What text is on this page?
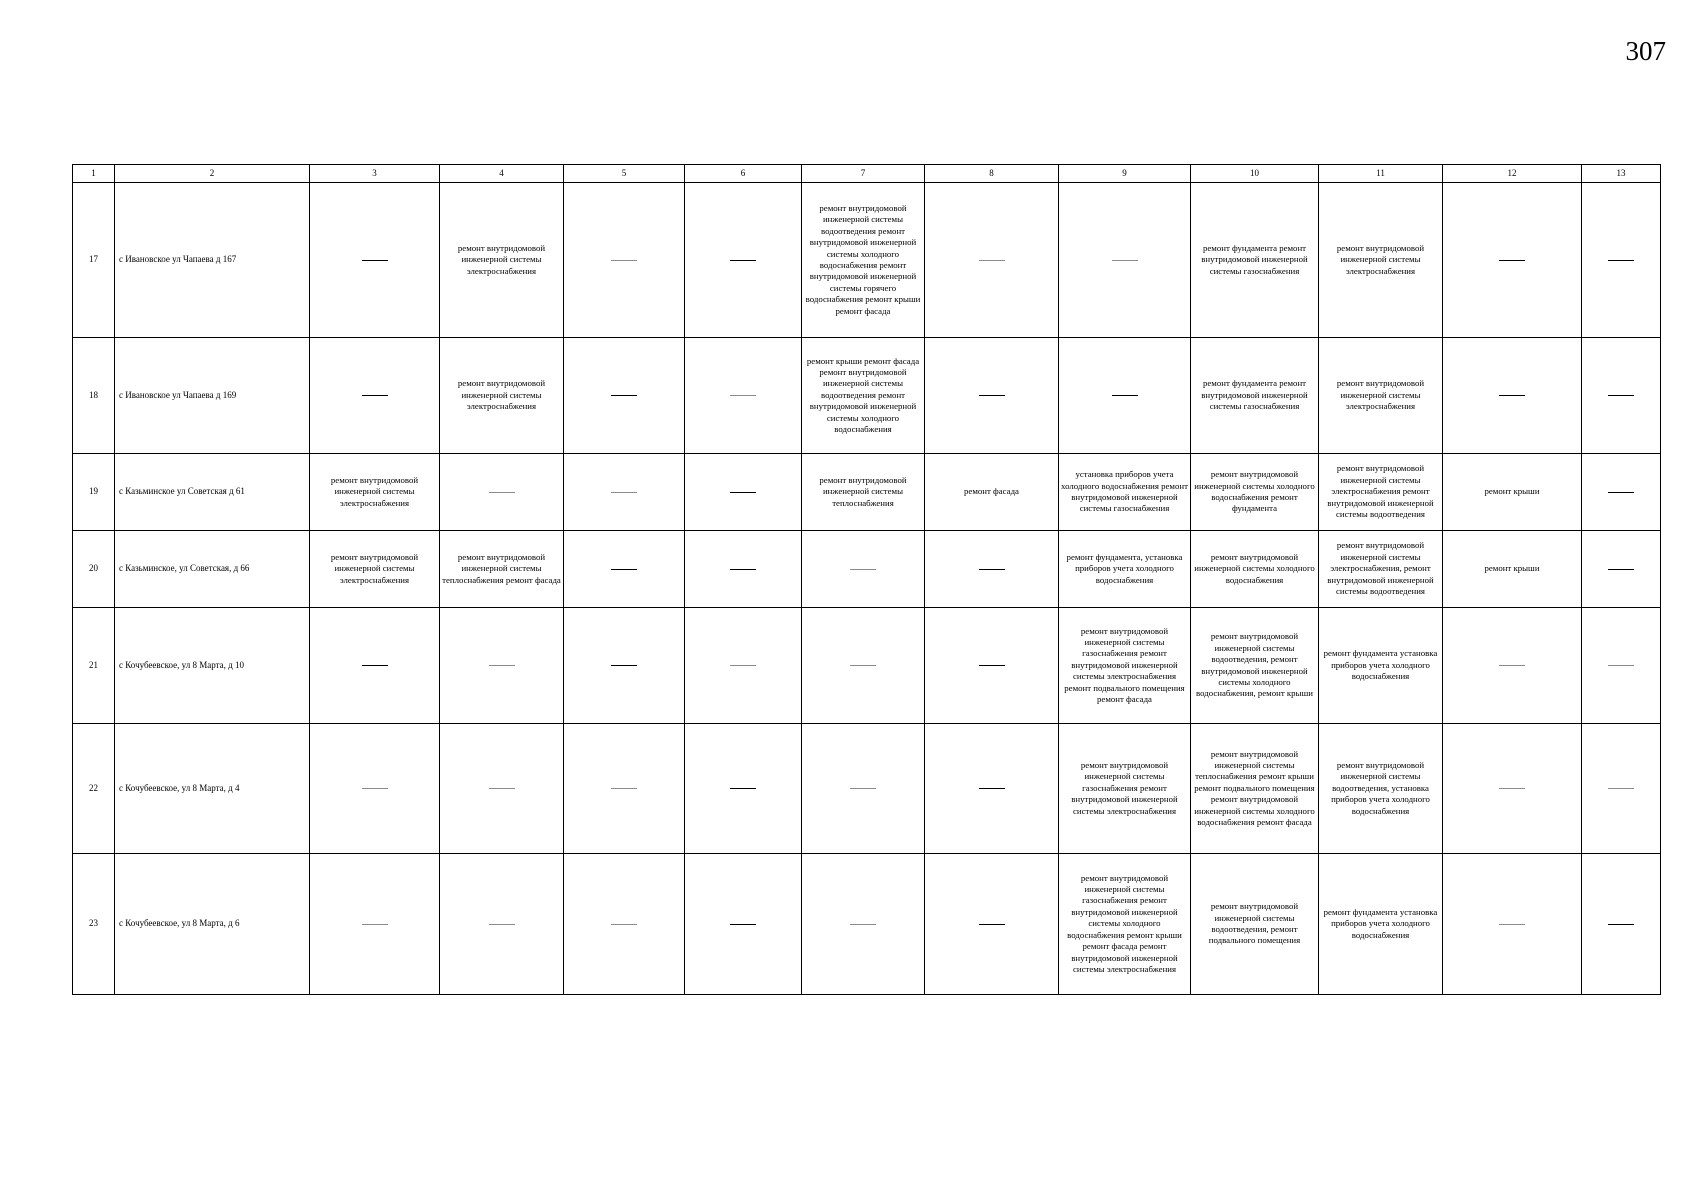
307
1	2	3	4	5	6	7	8	9	10	11	12	13
17	с Ивановское ул Чапаева д 167		ремонт внутридомовой инженерной системы электроснабжения			ремонт внутридомовой инженерной системы водоотведения ремонт внутридомовой инженерной системы холодного водоснабжения ремонт внутридомовой инженерной системы горячего водоснабжения ремонт крыши ремонт фасада			ремонт фундамента ремонт внутридомовой инженерной системы газоснабжения	ремонт внутридомовой инженерной системы электроснабжения		
18	с Ивановское ул Чапаева д 169		ремонт внутридомовой инженерной системы электроснабжения			ремонт крыши ремонт фасада ремонт внутридомовой инженерной системы водоотведения ремонт внутридомовой инженерной системы холодного водоснабжения			ремонт фундамента ремонт внутридомовой инженерной системы газоснабжения	ремонт внутридомовой инженерной системы электроснабжения		
19	с Казьминское ул Советская д 61	ремонт внутридомовой инженерной системы электроснабжения				ремонт внутридомовой инженерной системы теплоснабжения	ремонт фасада	установка приборов учета холодного водоснабжения ремонт внутридомовой инженерной системы газоснабжения	ремонт внутридомовой инженерной системы холодного водоснабжения ремонт фундамента	ремонт внутридомовой инженерной системы электроснабжения ремонт внутридомовой инженерной системы водоотведения	ремонт крыши	
20	с Казьминское, ул Советская, д 66	ремонт внутридомовой инженерной системы электроснабжения	ремонт внутридомовой инженерной системы теплоснабжения ремонт фасада					ремонт фундамента, установка приборов учета холодного водоснабжения	ремонт внутридомовой инженерной системы холодного водоснабжения	ремонт внутридомовой инженерной системы электроснабжения, ремонт внутридомовой инженерной системы водоотведения	ремонт крыши	
21	с Кочубеевское, ул 8 Марта, д 10							ремонт внутридомовой инженерной системы газоснабжения ремонт внутридомовой инженерной системы электроснабжения ремонт подвального помещения ремонт фасада	ремонт внутридомовой инженерной системы водоотведения, ремонт внутридомовой инженерной системы холодного водоснабжения, ремонт крыши	ремонт фундамента установка приборов учета холодного водоснабжения		
22	с Кочубеевское, ул 8 Марта, д 4							ремонт внутридомовой инженерной системы газоснабжения ремонт внутридомовой инженерной системы электроснабжения	ремонт внутридомовой инженерной системы теплоснабжения ремонт крыши ремонт подвального помещения ремонт внутридомовой инженерной системы холодного водоснабжения ремонт фасада	ремонт внутридомовой инженерной системы водоотведения, установка приборов учета холодного водоснабжения		
23	с Кочубеевское, ул 8 Марта, д 6							ремонт внутридомовой инженерной системы газоснабжения ремонт внутридомовой инженерной системы холодного водоснабжения ремонт крыши ремонт фасада ремонт внутридомовой инженерной системы электроснабжения	ремонт внутридомовой инженерной системы водоотведения, ремонт подвального помещения	ремонт фундамента установка приборов учета холодного водоснабжения		
